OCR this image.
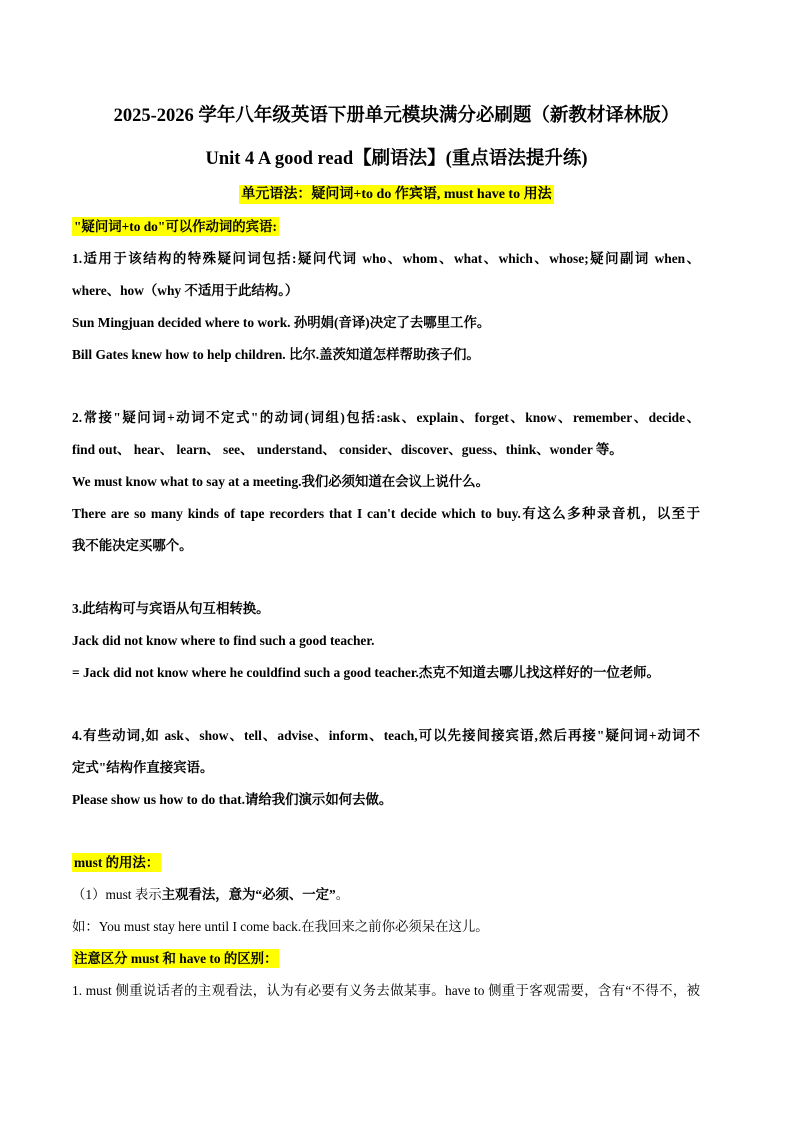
2025-2026 学年八年级英语下册单元模块满分必刷题（新教材译林版）
Unit 4 A good read【刷语法】(重点语法提升练)
单元语法：疑问词+to do 作宾语, must have to 用法
"疑问词+to do"可以作动词的宾语:
1.适用于该结构的特殊疑问词包括:疑问代词 who、whom、what、which、whose;疑问副词 when、
where、how（why 不适用于此结构。）
Sun Mingjuan decided where to work. 孙明娟(音译)决定了去哪里工作。
Bill Gates knew how to help children. 比尔.盖茨知道怎样帮助孩子们。
2.常接"疑问词+动词不定式"的动词(词组)包括:ask、explain、forget、know、remember、decide、
find out、 hear、 learn、 see、 understand、 consider、discover、guess、think、wonder 等。
We must know what to say at a meeting.我们必须知道在会议上说什么。
There are so many kinds of tape recorders that I can't decide which to buy.有这么多种录音机，以至于
我不能决定买哪个。
3.此结构可与宾语从句互相转换。
Jack did not know where to find such a good teacher.
= Jack did not know where he couldfind such a good teacher.杰克不知道去哪儿找这样好的一位老师。
4.有些动词,如 ask、show、tell、advise、inform、teach,可以先接间接宾语,然后再接"疑问词+动词不
定式"结构作直接宾语。
Please show us how to do that.请给我们演示如何去做。
must 的用法：
（1）must 表示主观看法，意为“必须、一定”。
如：You must stay here until I come back.在我回来之前你必须呆在这儿。
注意区分 must 和 have to 的区别：
1. must 侧重说话者的主观看法，认为有必要有义务去做某事。have to 侧重于客观需要，含有“不得不，被
